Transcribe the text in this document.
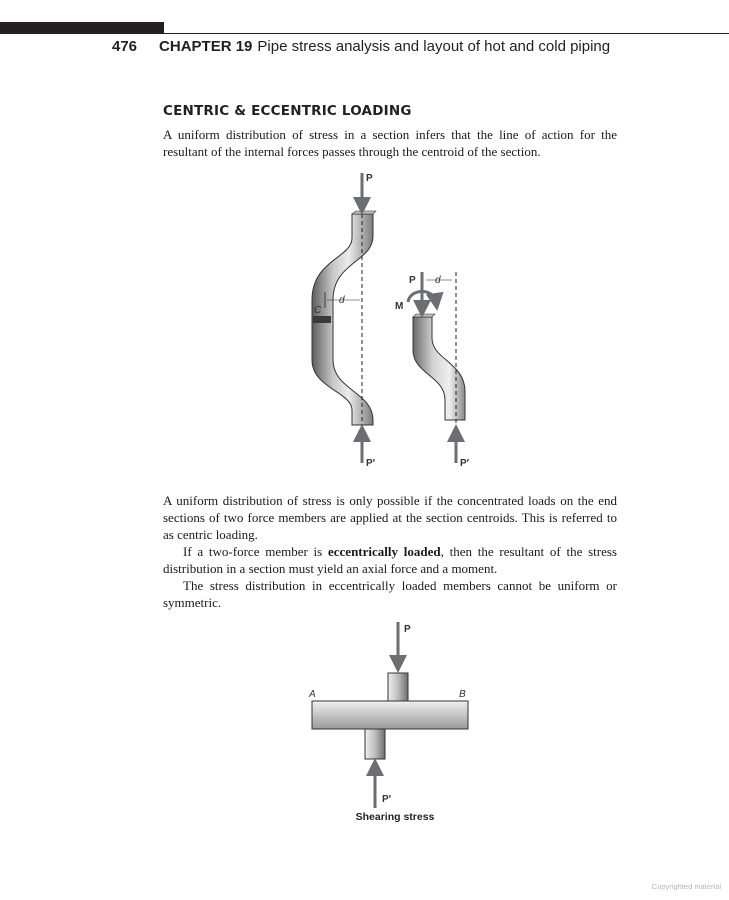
476 CHAPTER 19 Pipe stress analysis and layout of hot and cold piping
CENTRIC & ECCENTRIC LOADING

A uniform distribution of stress in a section infers that the line of action for the resultant of the internal forces passes through the centroid of the section.

P
P′
d
C
P d
M
P′

A uniform distribution of stress is only possible if the concentrated loads on the end sections of two force members are applied at the section centroids. This is referred to as centric loading.

If a two-force member is eccentrically loaded, then the resultant of the stress distribution in a section must yield an axial force and a moment.

The stress distribution in eccentrically loaded members cannot be uniform or symmetric.

P
A	B
P′
Shearing stress
Copyrighted material
